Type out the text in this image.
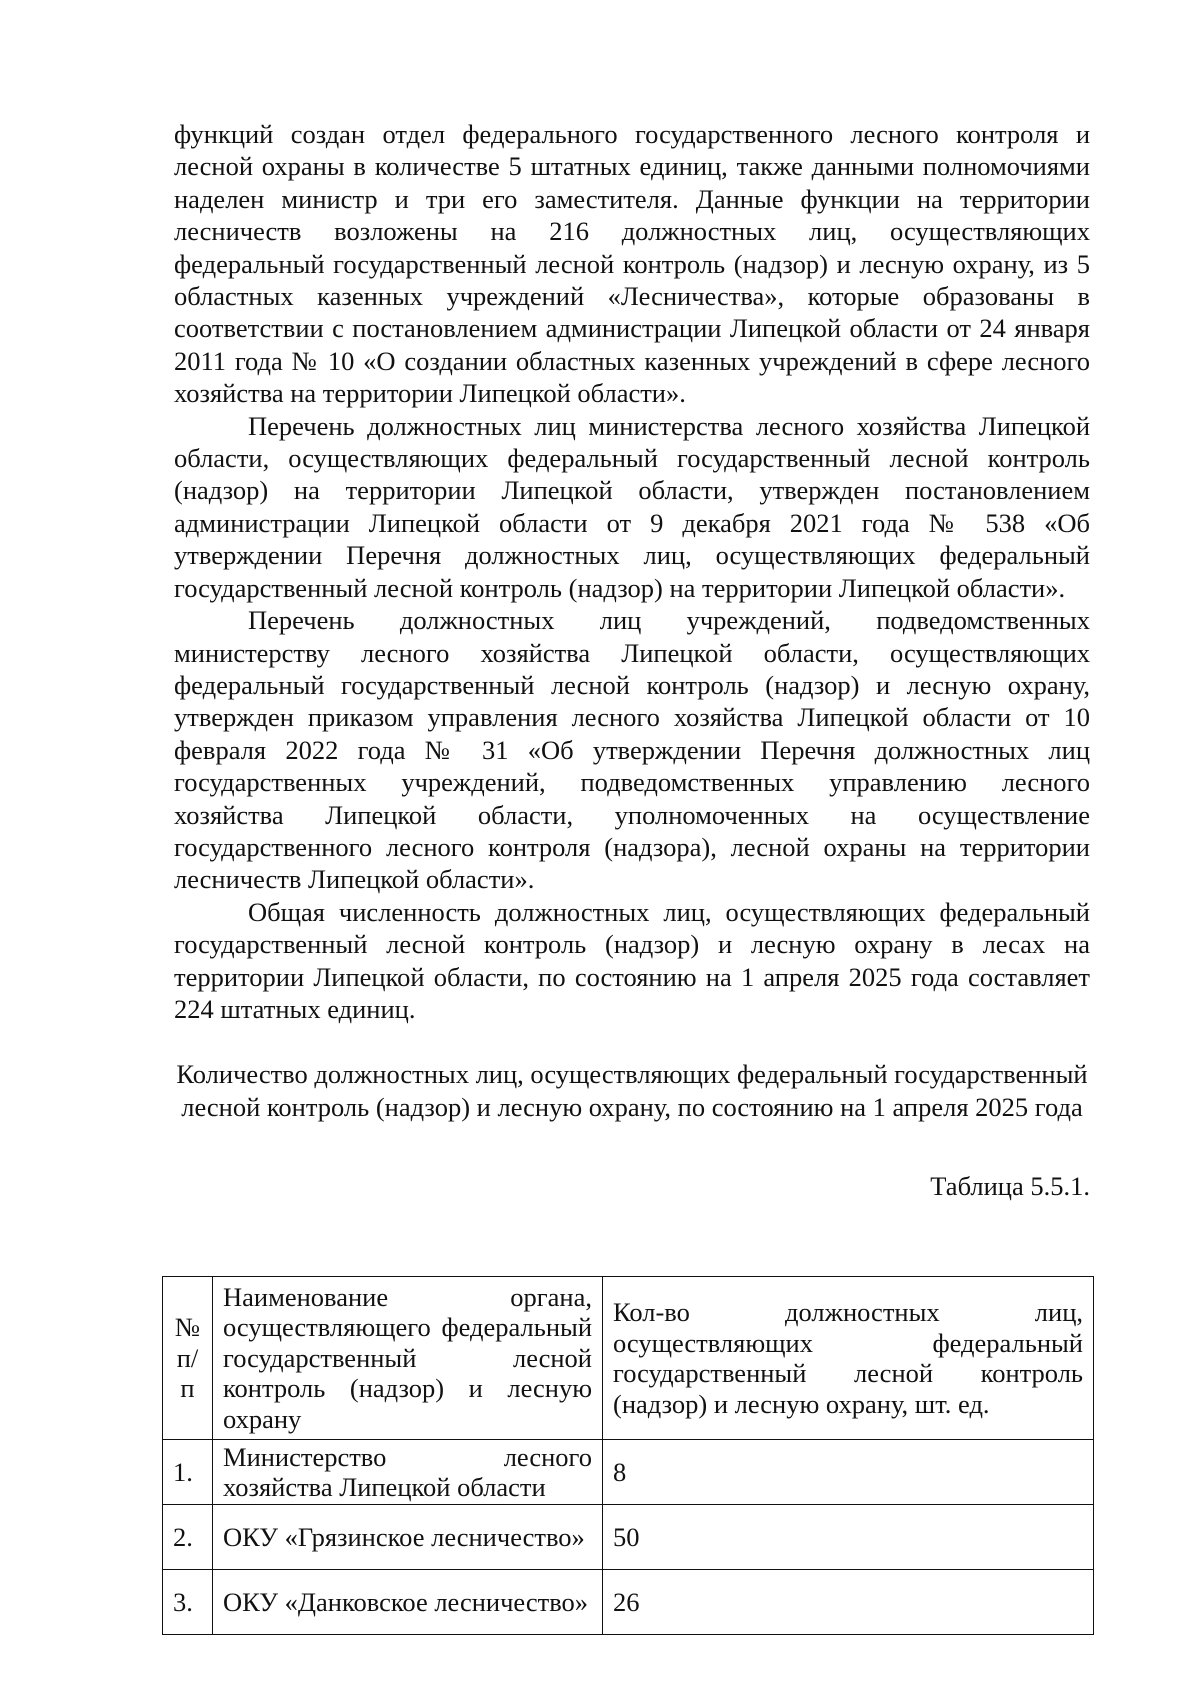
функций создан отдел федерального государственного лесного контроля и лесной охраны в количестве 5 штатных единиц, также данными полномочиями наделен министр и три его заместителя. Данные функции на территории лесничеств возложены на 216 должностных лиц, осуществляющих федеральный государственный лесной контроль (надзор) и лесную охрану, из 5 областных казенных учреждений «Лесничества», которые образованы в соответствии с постановлением администрации Липецкой области от 24 января 2011 года № 10 «О создании областных казенных учреждений в сфере лесного хозяйства на территории Липецкой области».

Перечень должностных лиц министерства лесного хозяйства Липецкой области, осуществляющих федеральный государственный лесной контроль (надзор) на территории Липецкой области, утвержден постановлением администрации Липецкой области от 9 декабря 2021 года № 538 «Об утверждении Перечня должностных лиц, осуществляющих федеральный государственный лесной контроль (надзор) на территории Липецкой области».

Перечень должностных лиц учреждений, подведомственных министерству лесного хозяйства Липецкой области, осуществляющих федеральный государственный лесной контроль (надзор) и лесную охрану, утвержден приказом управления лесного хозяйства Липецкой области от 10 февраля 2022 года № 31 «Об утверждении Перечня должностных лиц государственных учреждений, подведомственных управлению лесного хозяйства Липецкой области, уполномоченных на осуществление государственного лесного контроля (надзора), лесной охраны на территории лесничеств Липецкой области».

Общая численность должностных лиц, осуществляющих федеральный государственный лесной контроль (надзор) и лесную охрану в лесах на территории Липецкой области, по состоянию на 1 апреля 2025 года составляет 224 штатных единиц.

Количество должностных лиц, осуществляющих федеральный государственный лесной контроль (надзор) и лесную охрану, по состоянию на 1 апреля 2025 года

Таблица 5.5.1.

№ п/п	Наименование органа, осуществляющего федеральный государственный лесной контроль (надзор) и лесную охрану	Кол-во должностных лиц, осуществляющих федеральный государственный лесной контроль (надзор) и лесную охрану, шт. ед.
1.	Министерство лесного хозяйства Липецкой области	8
2.	ОКУ «Грязинское лесничество»	50
3.	ОКУ «Данковское лесничество»	26
